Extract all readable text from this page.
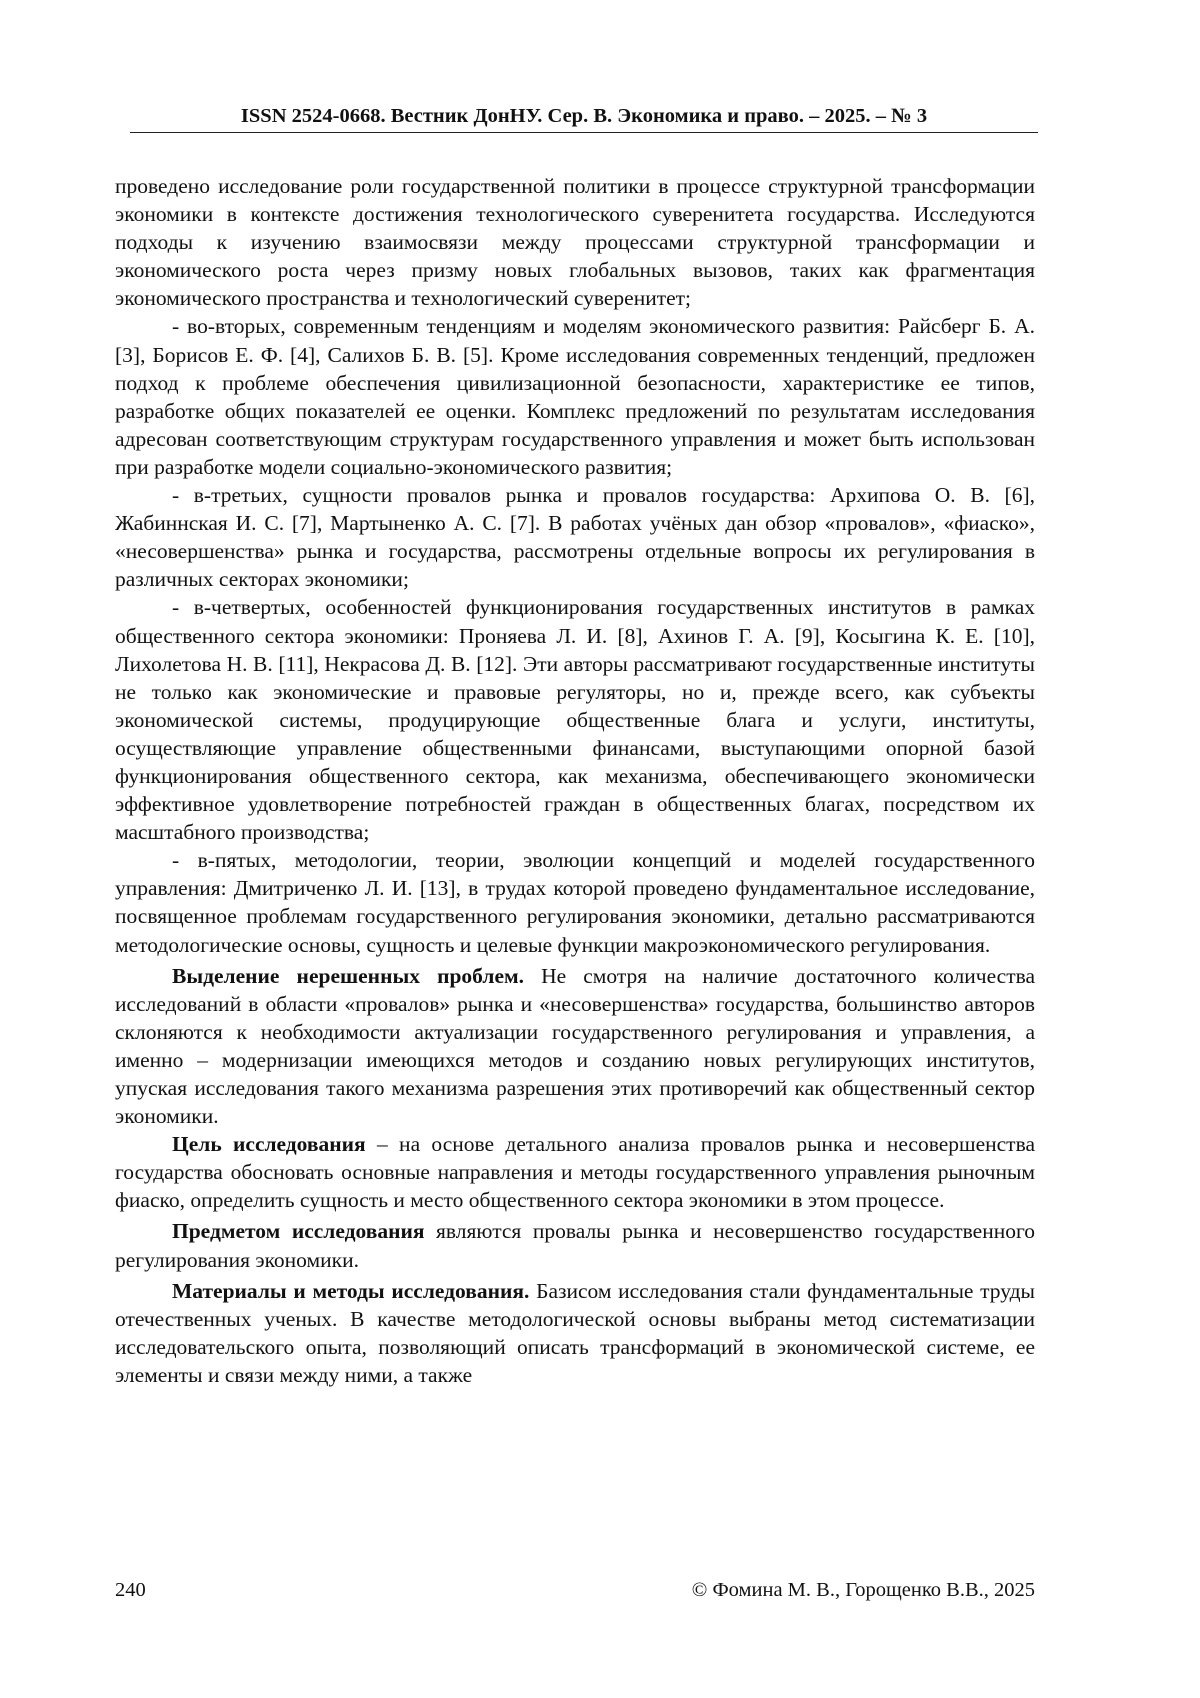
ISSN 2524-0668. Вестник ДонНУ. Сер. В. Экономика и право. – 2025. – № 3

проведено исследование роли государственной политики в процессе структурной трансформации экономики в контексте достижения технологического суверенитета государства. Исследуются подходы к изучению взаимосвязи между процессами структурной трансформации и экономического роста через призму новых глобальных вызовов, таких как фрагментация экономического пространства и технологический суверенитет;

- во-вторых, современным тенденциям и моделям экономического развития: Райсберг Б. А. [3], Борисов Е. Ф. [4], Салихов Б. В. [5]. Кроме исследования современных тенденций, предложен подход к проблеме обеспечения цивилизационной безопасности, характеристике ее типов, разработке общих показателей ее оценки. Комплекс предложений по результатам исследования адресован соответствующим структурам государственного управления и может быть использован при разработке модели социально-экономического развития;

- в-третьих, сущности провалов рынка и провалов государства: Архипова О. В. [6], Жабиннская И. С. [7], Мартыненко А. С. [7]. В работах учёных дан обзор «провалов», «фиаско», «несовершенства» рынка и государства, рассмотрены отдельные вопросы их регулирования в различных секторах экономики;

- в-четвертых, особенностей функционирования государственных институтов в рамках общественного сектора экономики: Проняева Л. И. [8], Ахинов Г. А. [9], Косыгина К. Е. [10], Лихолетова Н. В. [11], Некрасова Д. В. [12]. Эти авторы рассматривают государственные институты не только как экономические и правовые регуляторы, но и, прежде всего, как субъекты экономической системы, продуцирующие общественные блага и услуги, институты, осуществляющие управление общественными финансами, выступающими опорной базой функционирования общественного сектора, как механизма, обеспечивающего экономически эффективное удовлетворение потребностей граждан в общественных благах, посредством их масштабного производства;

- в-пятых, методологии, теории, эволюции концепций и моделей государственного управления: Дмитриченко Л. И. [13], в трудах которой проведено фундаментальное исследование, посвященное проблемам государственного регулирования экономики, детально рассматриваются методологические основы, сущность и целевые функции макроэкономического регулирования.

Выделение нерешенных проблем. Не смотря на наличие достаточного количества исследований в области «провалов» рынка и «несовершенства» государства, большинство авторов склоняются к необходимости актуализации государственного регулирования и управления, а именно – модернизации имеющихся методов и созданию новых регулирующих институтов, упуская исследования такого механизма разрешения этих противоречий как общественный сектор экономики.

Цель исследования – на основе детального анализа провалов рынка и несовершенства государства обосновать основные направления и методы государственного управления рыночным фиаско, определить сущность и место общественного сектора экономики в этом процессе.

Предметом исследования являются провалы рынка и несовершенство государственного регулирования экономики.

Материалы и методы исследования. Базисом исследования стали фундаментальные труды отечественных ученых. В качестве методологической основы выбраны метод систематизации исследовательского опыта, позволяющий описать трансформаций в экономической системе, ее элементы и связи между ними, а также

240	© Фомина М. В., Горощенко В.В., 2025
